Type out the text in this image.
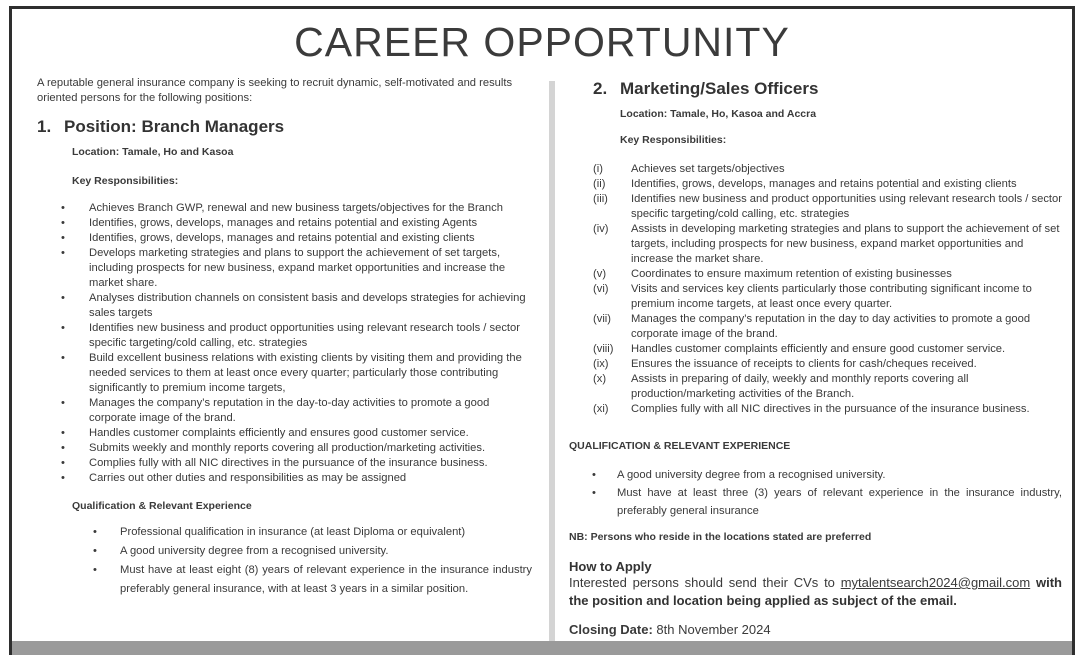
CAREER OPPORTUNITY

A reputable general insurance company is seeking to recruit dynamic, self-motivated and results oriented persons for the following positions:

1. Position: Branch Managers

Location: Tamale, Ho and Kasoa

Key Responsibilities:

• Achieves Branch GWP, renewal and new business targets/objectives for the Branch
• Identifies, grows, develops, manages and retains potential and existing Agents
• Identifies, grows, develops, manages and retains potential and existing clients
• Develops marketing strategies and plans to support the achievement of set targets, including prospects for new business, expand market opportunities and increase the market share.
• Analyses distribution channels on consistent basis and develops strategies for achieving sales targets
• Identifies new business and product opportunities using relevant research tools / sector specific targeting/cold calling, etc. strategies
• Build excellent business relations with existing clients by visiting them and providing the needed services to them at least once every quarter; particularly those contributing significantly to premium income targets,
• Manages the company’s reputation in the day-to-day activities to promote a good corporate image of the brand.
• Handles customer complaints efficiently and ensures good customer service.
• Submits weekly and monthly reports covering all production/marketing activities.
• Complies fully with all NIC directives in the pursuance of the insurance business.
• Carries out other duties and responsibilities as may be assigned

Qualification & Relevant Experience

• Professional qualification in insurance (at least Diploma or equivalent)
• A good university degree from a recognised university.
• Must have at least eight (8) years of relevant experience in the insurance industry preferably general insurance, with at least 3 years in a similar position.
2. Marketing/Sales Officers

Location: Tamale, Ho, Kasoa and Accra

Key Responsibilities:

(i)	Achieves set targets/objectives
(ii) Identifies, grows, develops, manages and retains potential and existing clients
(iii) Identifies new business and product opportunities using relevant research tools / sector specific targeting/cold calling, etc. strategies
(iv) Assists in developing marketing strategies and plans to support the achievement of set targets, including prospects for new business, expand market opportunities and increase the market share.
(v) Coordinates to ensure maximum retention of existing businesses
(vi) Visits and services key clients particularly those contributing significant income to premium income targets, at least once every quarter.
(vii) Manages the company’s reputation in the day to day activities to promote a good corporate image of the brand.
(viii) Handles customer complaints efficiently and ensure good customer service.
(ix) Ensures the issuance of receipts to clients for cash/cheques received.
(x) Assists in preparing of daily, weekly and monthly reports covering all production/marketing activities of the Branch.
(xi) Complies fully with all NIC directives in the pursuance of the insurance business.

QUALIFICATION & RELEVANT EXPERIENCE

• A good university degree from a recognised university.
• Must have at least three (3) years of relevant experience in the insurance industry, preferably general insurance

NB: Persons who reside in the locations stated are preferred

How to Apply

Interested persons should send their CVs to mytalentsearch2024@gmail.com with the position and location being applied as subject of the email.

Closing Date: 8th November 2024
